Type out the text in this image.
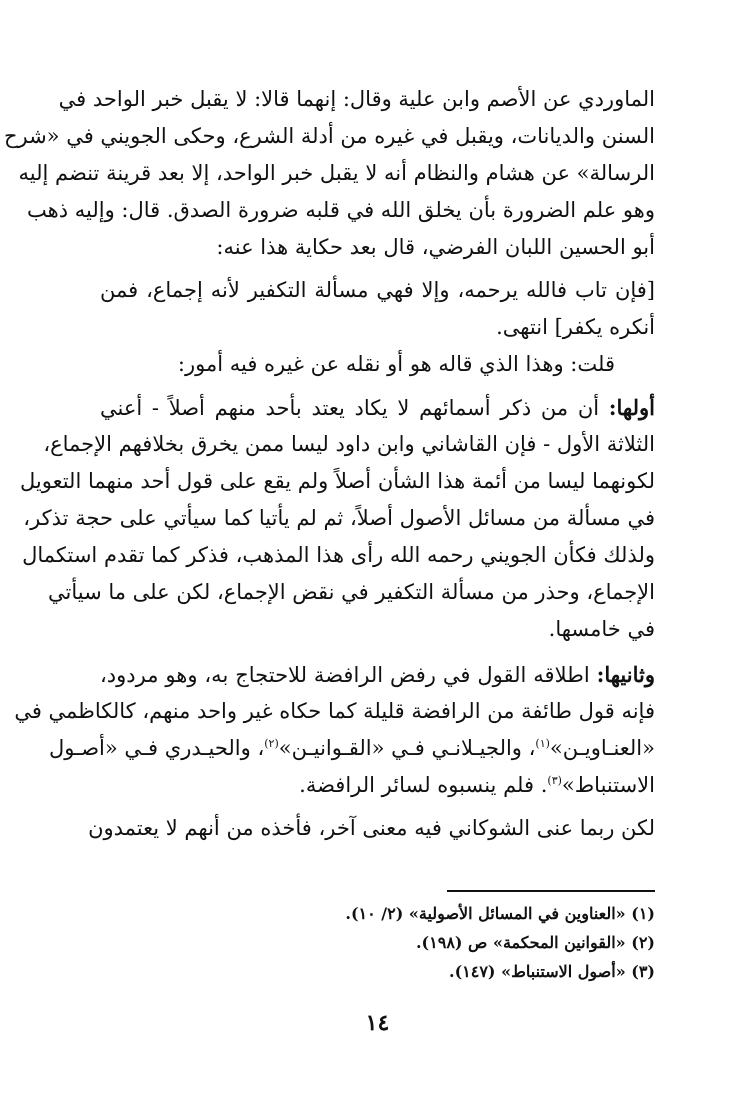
الماوردي عن الأصم وابن علية وقال: إنهما قالا: لا يقبل خبر الواحد في
السنن والديانات، ويقبل في غيره من أدلة الشرع، وحكى الجويني في «شرح
الرسالة» عن هشام والنظام أنه لا يقبل خبر الواحد، إلا بعد قرينة تنضم إليه
وهو علم الضرورة بأن يخلق الله في قلبه ضرورة الصدق. قال: وإليه ذهب
أبو الحسين اللبان الفرضي، قال بعد حكاية هذا عنه:
[فإن تاب فالله يرحمه، وإلا فهي مسألة التكفير لأنه إجماع، فمن
أنكره يكفر] انتهى.
قلت: وهذا الذي قاله هو أو نقله عن غيره فيه أمور:
أولها: أن من ذكر أسمائهم لا يكاد يعتد بأحد منهم أصلاً - أعني
الثلاثة الأول - فإن القاشاني وابن داود ليسا ممن يخرق بخلافهم الإجماع،
لكونهما ليسا من أئمة هذا الشأن أصلاً ولم يقع على قول أحد منهما التعويل
في مسألة من مسائل الأصول أصلاً، ثم لم يأتيا كما سيأتي على حجة تذكر،
ولذلك فكأن الجويني رحمه الله رأى هذا المذهب، فذكر كما تقدم استكمال
الإجماع، وحذر من مسألة التكفير في نقض الإجماع، لكن على ما سيأتي
في خامسها.
وثانيها: اطلاقه القول في رفض الرافضة للاحتجاج به، وهو مردود،
فإنه قول طائفة من الرافضة قليلة كما حكاه غير واحد منهم، كالكاظمي في
«العنـاويـن»$^{(١)}$، والجيـلانـي فـي «القـوانيـن»$^{(٢)}$، والحيـدري فـي «أصـول
الاستنباط»$^{(٣)}$. فلم ينسبوه لسائر الرافضة.
لكن ربما عنى الشوكاني فيه معنى آخر، فأخذه من أنهم لا يعتمدون
(١) «العناوين في المسائل الأصولية» (٢/ ١٠).
(٢) «القوانين المحكمة» ص (١٩٨).
(٣) «أصول الاستنباط» (١٤٧).
١٤
